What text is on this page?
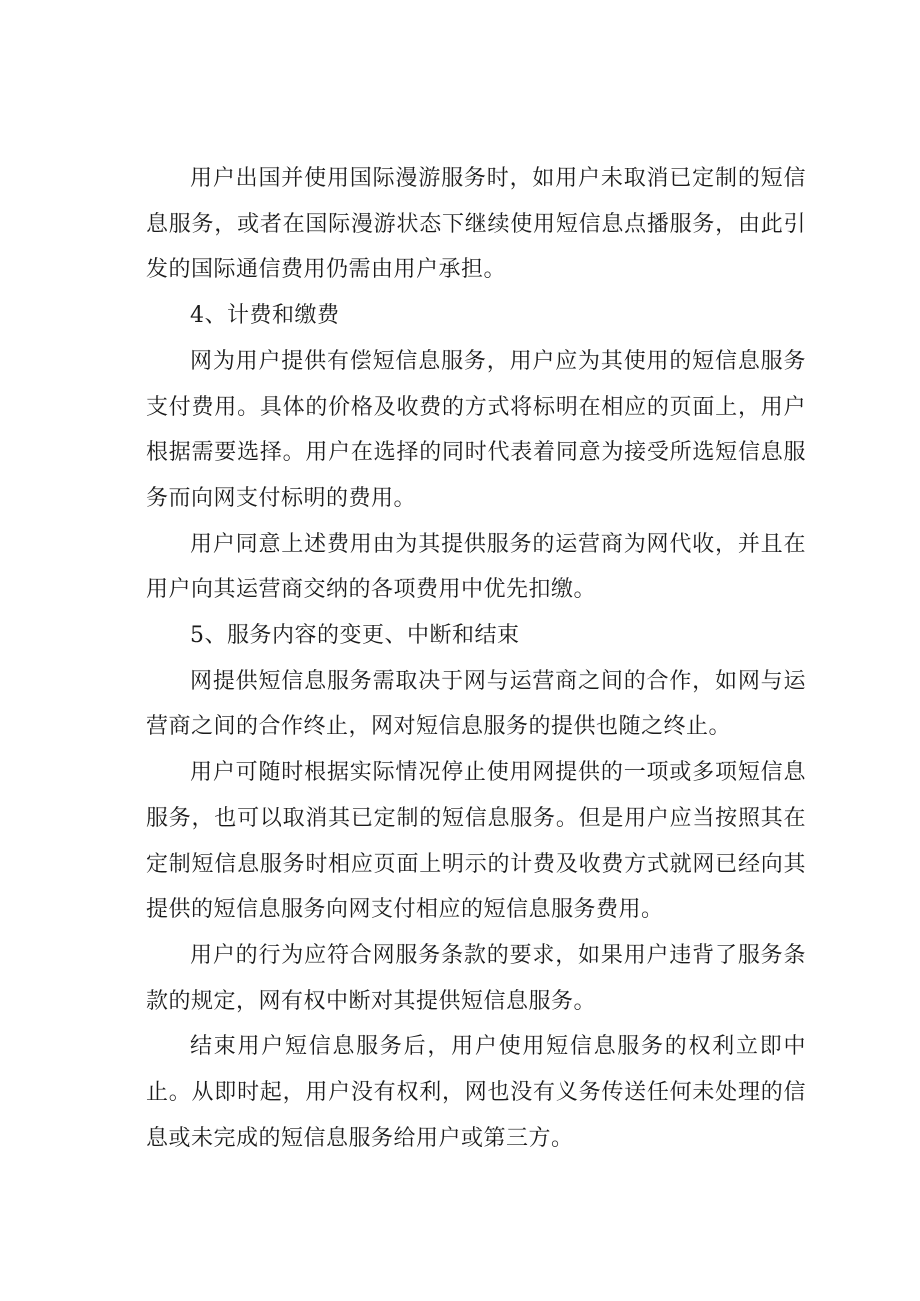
用户出国并使用国际漫游服务时，如用户未取消已定制的短信息服务，或者在国际漫游状态下继续使用短信息点播服务，由此引发的国际通信费用仍需由用户承担。

4、计费和缴费

网为用户提供有偿短信息服务，用户应为其使用的短信息服务支付费用。具体的价格及收费的方式将标明在相应的页面上，用户根据需要选择。用户在选择的同时代表着同意为接受所选短信息服务而向网支付标明的费用。

用户同意上述费用由为其提供服务的运营商为网代收，并且在用户向其运营商交纳的各项费用中优先扣缴。

5、服务内容的变更、中断和结束

网提供短信息服务需取决于网与运营商之间的合作，如网与运营商之间的合作终止，网对短信息服务的提供也随之终止。

用户可随时根据实际情况停止使用网提供的一项或多项短信息服务，也可以取消其已定制的短信息服务。但是用户应当按照其在定制短信息服务时相应页面上明示的计费及收费方式就网已经向其提供的短信息服务向网支付相应的短信息服务费用。

用户的行为应符合网服务条款的要求，如果用户违背了服务条款的规定，网有权中断对其提供短信息服务。

结束用户短信息服务后，用户使用短信息服务的权利立即中止。从即时起，用户没有权利，网也没有义务传送任何未处理的信息或未完成的短信息服务给用户或第三方。
